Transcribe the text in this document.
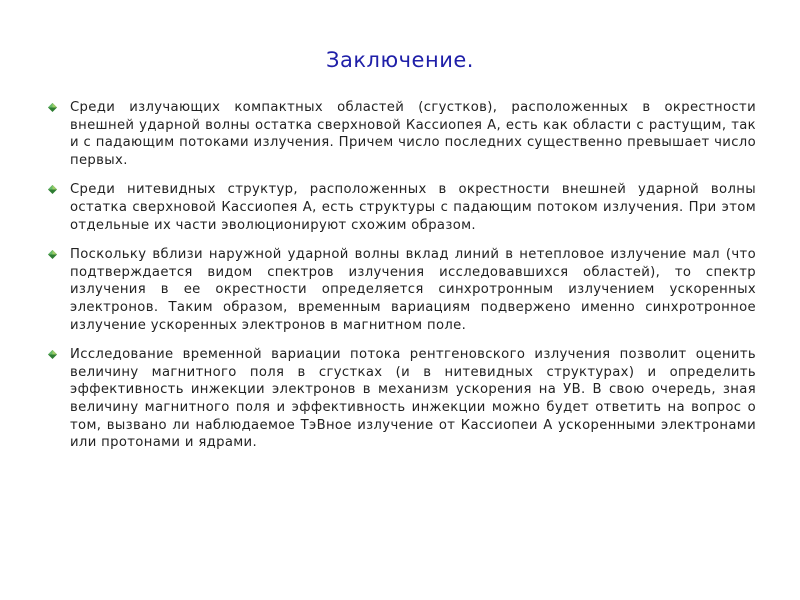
Заключение.
Среди излучающих компактных областей (сгустков), расположенных в окрестности внешней ударной волны остатка сверхновой Кассиопея А, есть как области с растущим, так и с падающим потоками излучения. Причем число последних существенно превышает число первых.
Среди нитевидных структур, расположенных в окрестности внешней ударной волны остатка сверхновой Кассиопея А, есть структуры с падающим потоком излучения. При этом отдельные их части эволюционируют схожим образом.
Поскольку вблизи наружной ударной волны вклад линий в нетепловое излучение мал (что подтверждается видом спектров излучения исследовавшихся областей), то спектр излучения в ее окрестности определяется синхротронным излучением ускоренных электронов. Таким образом, временным вариациям подвержено именно синхротронное излучение ускоренных электронов в магнитном поле.
Исследование временной вариации потока рентгеновского излучения позволит оценить величину магнитного поля в сгустках (и в нитевидных структурах) и определить эффективность инжекции электронов в механизм ускорения на УВ. В свою очередь, зная величину магнитного поля и эффективность инжекции можно будет ответить на вопрос о том, вызвано ли наблюдаемое ТэВное излучение от Кассиопеи А ускоренными электронами или протонами и ядрами.
